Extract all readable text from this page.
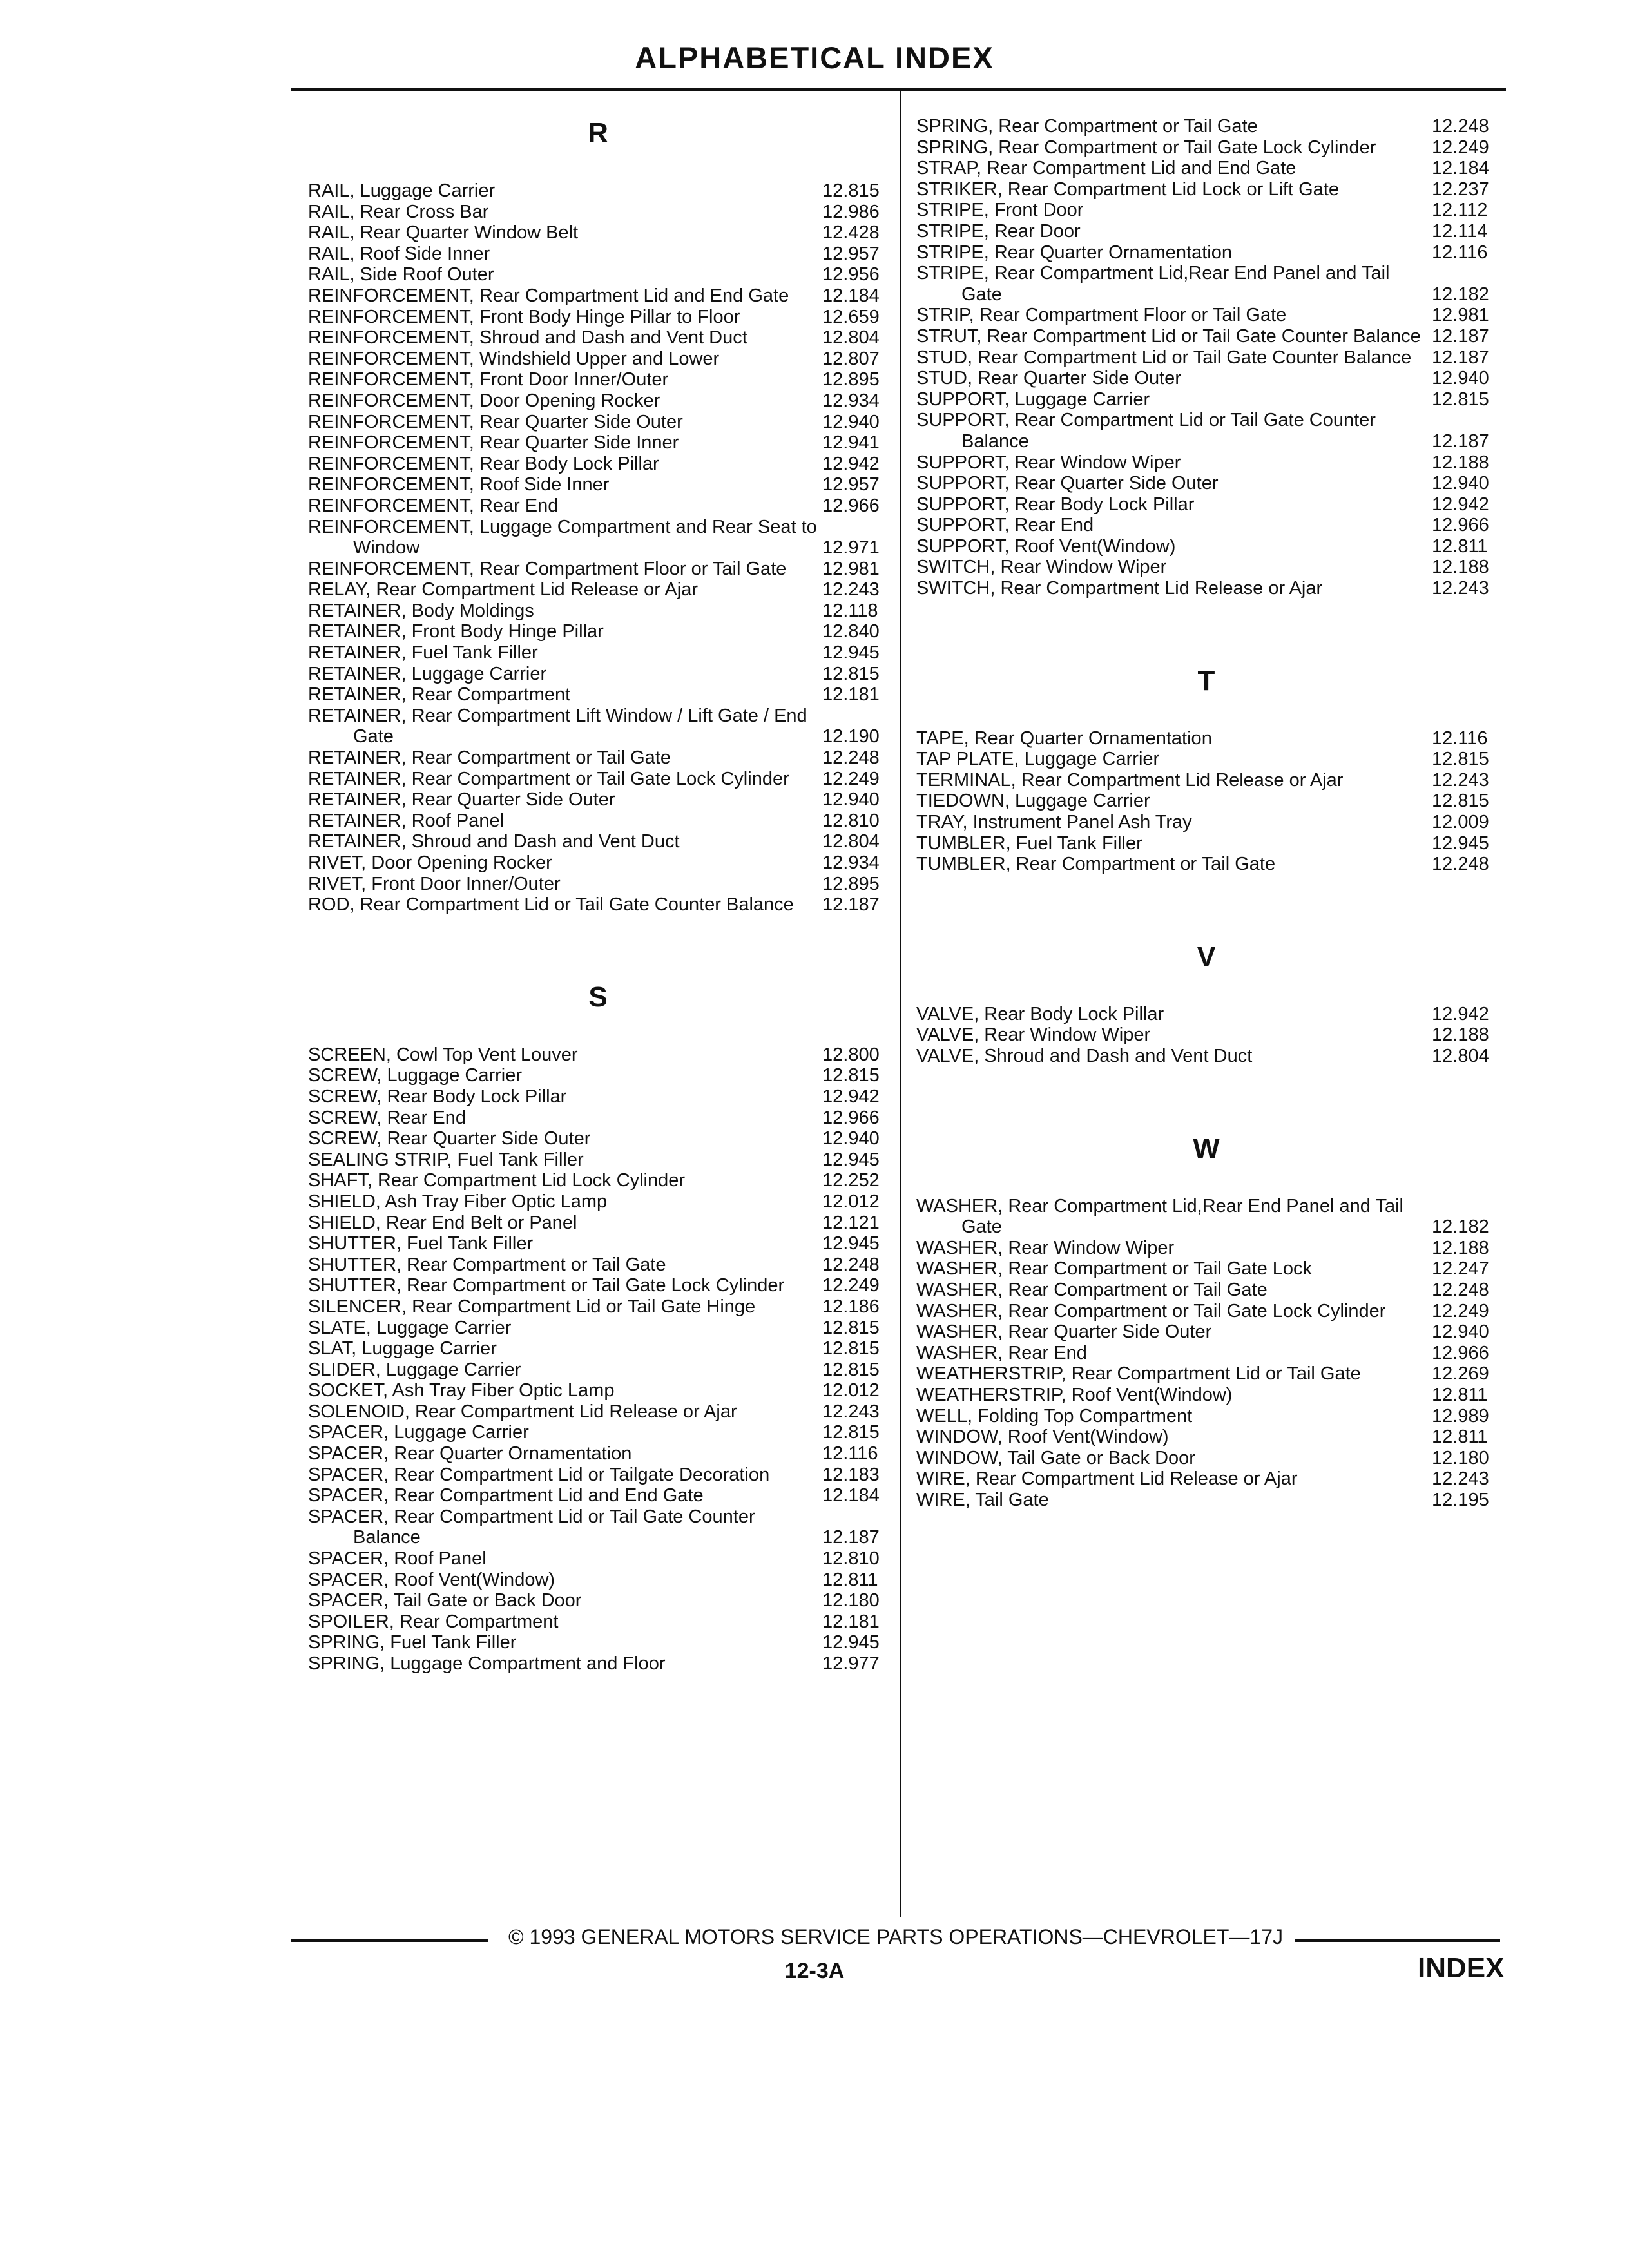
ALPHABETICAL INDEX
R
RAIL, Luggage Carrier	12.815
RAIL, Rear Cross Bar	12.986
RAIL, Rear Quarter Window Belt	12.428
RAIL, Roof Side Inner	12.957
RAIL, Side Roof Outer	12.956
REINFORCEMENT, Rear Compartment Lid and End Gate	12.184
REINFORCEMENT, Front Body Hinge Pillar to Floor	12.659
REINFORCEMENT, Shroud and Dash and Vent Duct	12.804
REINFORCEMENT, Windshield Upper and Lower	12.807
REINFORCEMENT, Front Door Inner/Outer	12.895
REINFORCEMENT, Door Opening Rocker	12.934
REINFORCEMENT, Rear Quarter Side Outer	12.940
REINFORCEMENT, Rear Quarter Side Inner	12.941
REINFORCEMENT, Rear Body Lock Pillar	12.942
REINFORCEMENT, Roof Side Inner	12.957
REINFORCEMENT, Rear End	12.966
REINFORCEMENT, Luggage Compartment and Rear Seat to Window	12.971
REINFORCEMENT, Rear Compartment Floor or Tail Gate	12.981
RELAY, Rear Compartment Lid Release or Ajar	12.243
RETAINER, Body Moldings	12.118
RETAINER, Front Body Hinge Pillar	12.840
RETAINER, Fuel Tank Filler	12.945
RETAINER, Luggage Carrier	12.815
RETAINER, Rear Compartment	12.181
RETAINER, Rear Compartment Lift Window / Lift Gate / End Gate	12.190
RETAINER, Rear Compartment or Tail Gate	12.248
RETAINER, Rear Compartment or Tail Gate Lock Cylinder	12.249
RETAINER, Rear Quarter Side Outer	12.940
RETAINER, Roof Panel	12.810
RETAINER, Shroud and Dash and Vent Duct	12.804
RIVET, Door Opening Rocker	12.934
RIVET, Front Door Inner/Outer	12.895
ROD, Rear Compartment Lid or Tail Gate Counter Balance	12.187
S
SCREEN, Cowl Top Vent Louver	12.800
SCREW, Luggage Carrier	12.815
SCREW, Rear Body Lock Pillar	12.942
SCREW, Rear End	12.966
SCREW, Rear Quarter Side Outer	12.940
SEALING STRIP, Fuel Tank Filler	12.945
SHAFT, Rear Compartment Lid Lock Cylinder	12.252
SHIELD, Ash Tray Fiber Optic Lamp	12.012
SHIELD, Rear End Belt or Panel	12.121
SHUTTER, Fuel Tank Filler	12.945
SHUTTER, Rear Compartment or Tail Gate	12.248
SHUTTER, Rear Compartment or Tail Gate Lock Cylinder	12.249
SILENCER, Rear Compartment Lid or Tail Gate Hinge	12.186
SLATE, Luggage Carrier	12.815
SLAT, Luggage Carrier	12.815
SLIDER, Luggage Carrier	12.815
SOCKET, Ash Tray Fiber Optic Lamp	12.012
SOLENOID, Rear Compartment Lid Release or Ajar	12.243
SPACER, Luggage Carrier	12.815
SPACER, Rear Quarter Ornamentation	12.116
SPACER, Rear Compartment Lid or Tailgate Decoration	12.183
SPACER, Rear Compartment Lid and End Gate	12.184
SPACER, Rear Compartment Lid or Tail Gate Counter Balance	12.187
SPACER, Roof Panel	12.810
SPACER, Roof Vent(Window)	12.811
SPACER, Tail Gate or Back Door	12.180
SPOILER, Rear Compartment	12.181
SPRING, Fuel Tank Filler	12.945
SPRING, Luggage Compartment and Floor	12.977
SPRING, Rear Compartment or Tail Gate	12.248
SPRING, Rear Compartment or Tail Gate Lock Cylinder	12.249
STRAP, Rear Compartment Lid and End Gate	12.184
STRIKER, Rear Compartment Lid Lock or Lift Gate	12.237
STRIPE, Front Door	12.112
STRIPE, Rear Door	12.114
STRIPE, Rear Quarter Ornamentation	12.116
STRIPE, Rear Compartment Lid,Rear End Panel and Tail Gate	12.182
STRIP, Rear Compartment Floor or Tail Gate	12.981
STRUT, Rear Compartment Lid or Tail Gate Counter Balance 12.187
STUD, Rear Compartment Lid or Tail Gate Counter Balance	12.187
STUD, Rear Quarter Side Outer	12.940
SUPPORT, Luggage Carrier	12.815
SUPPORT, Rear Compartment Lid or Tail Gate Counter Balance	12.187
SUPPORT, Rear Window Wiper	12.188
SUPPORT, Rear Quarter Side Outer	12.940
SUPPORT, Rear Body Lock Pillar	12.942
SUPPORT, Rear End	12.966
SUPPORT, Roof Vent(Window)	12.811
SWITCH, Rear Window Wiper	12.188
SWITCH, Rear Compartment Lid Release or Ajar	12.243
T
TAPE, Rear Quarter Ornamentation	12.116
TAP PLATE, Luggage Carrier	12.815
TERMINAL, Rear Compartment Lid Release or Ajar	12.243
TIEDOWN, Luggage Carrier	12.815
TRAY, Instrument Panel Ash Tray	12.009
TUMBLER, Fuel Tank Filler	12.945
TUMBLER, Rear Compartment or Tail Gate	12.248
V
VALVE, Rear Body Lock Pillar	12.942
VALVE, Rear Window Wiper	12.188
VALVE, Shroud and Dash and Vent Duct	12.804
W
WASHER, Rear Compartment Lid,Rear End Panel and Tail Gate	12.182
WASHER, Rear Window Wiper	12.188
WASHER, Rear Compartment or Tail Gate Lock	12.247
WASHER, Rear Compartment or Tail Gate	12.248
WASHER, Rear Compartment or Tail Gate Lock Cylinder	12.249
WASHER, Rear Quarter Side Outer	12.940
WASHER, Rear End	12.966
WEATHERSTRIP, Rear Compartment Lid or Tail Gate	12.269
WEATHERSTRIP, Roof Vent(Window)	12.811
WELL, Folding Top Compartment	12.989
WINDOW, Roof Vent(Window)	12.811
WINDOW, Tail Gate or Back Door	12.180
WIRE, Rear Compartment Lid Release or Ajar	12.243
WIRE, Tail Gate	12.195
© 1993 GENERAL MOTORS SERVICE PARTS OPERATIONS—CHEVROLET—17J
12-3A	INDEX
